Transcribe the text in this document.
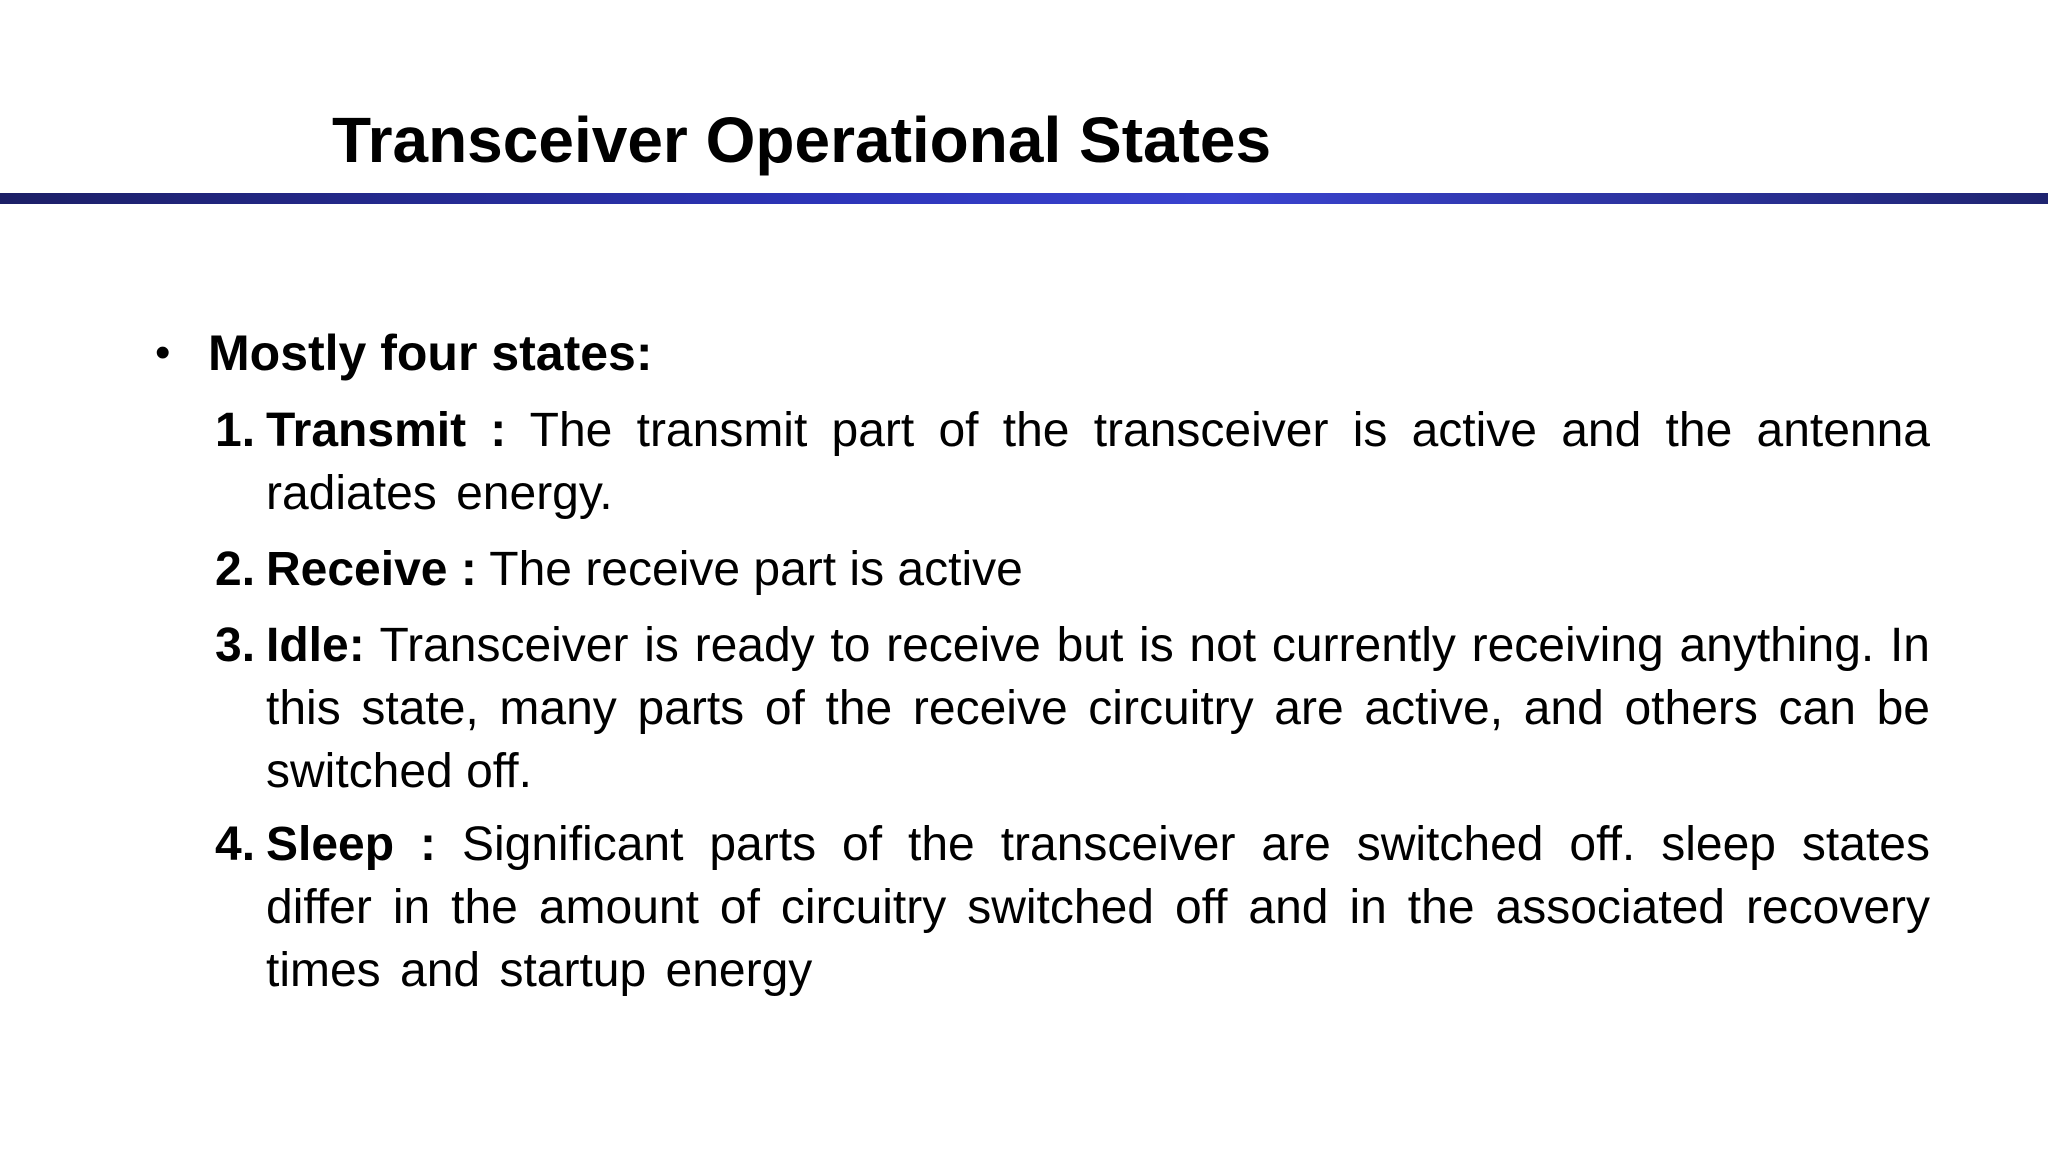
Transceiver Operational States
• Mostly four states:
1. Transmit : The transmit part of the transceiver is active and the antenna radiates energy.
2. Receive : The receive part is active
3. Idle: Transceiver is ready to receive but is not currently receiving anything. In this state, many parts of the receive circuitry are active, and others can be switched off.
4. Sleep : Significant parts of the transceiver are switched off. sleep states differ in the amount of circuitry switched off and in the associated recovery times and startup energy
